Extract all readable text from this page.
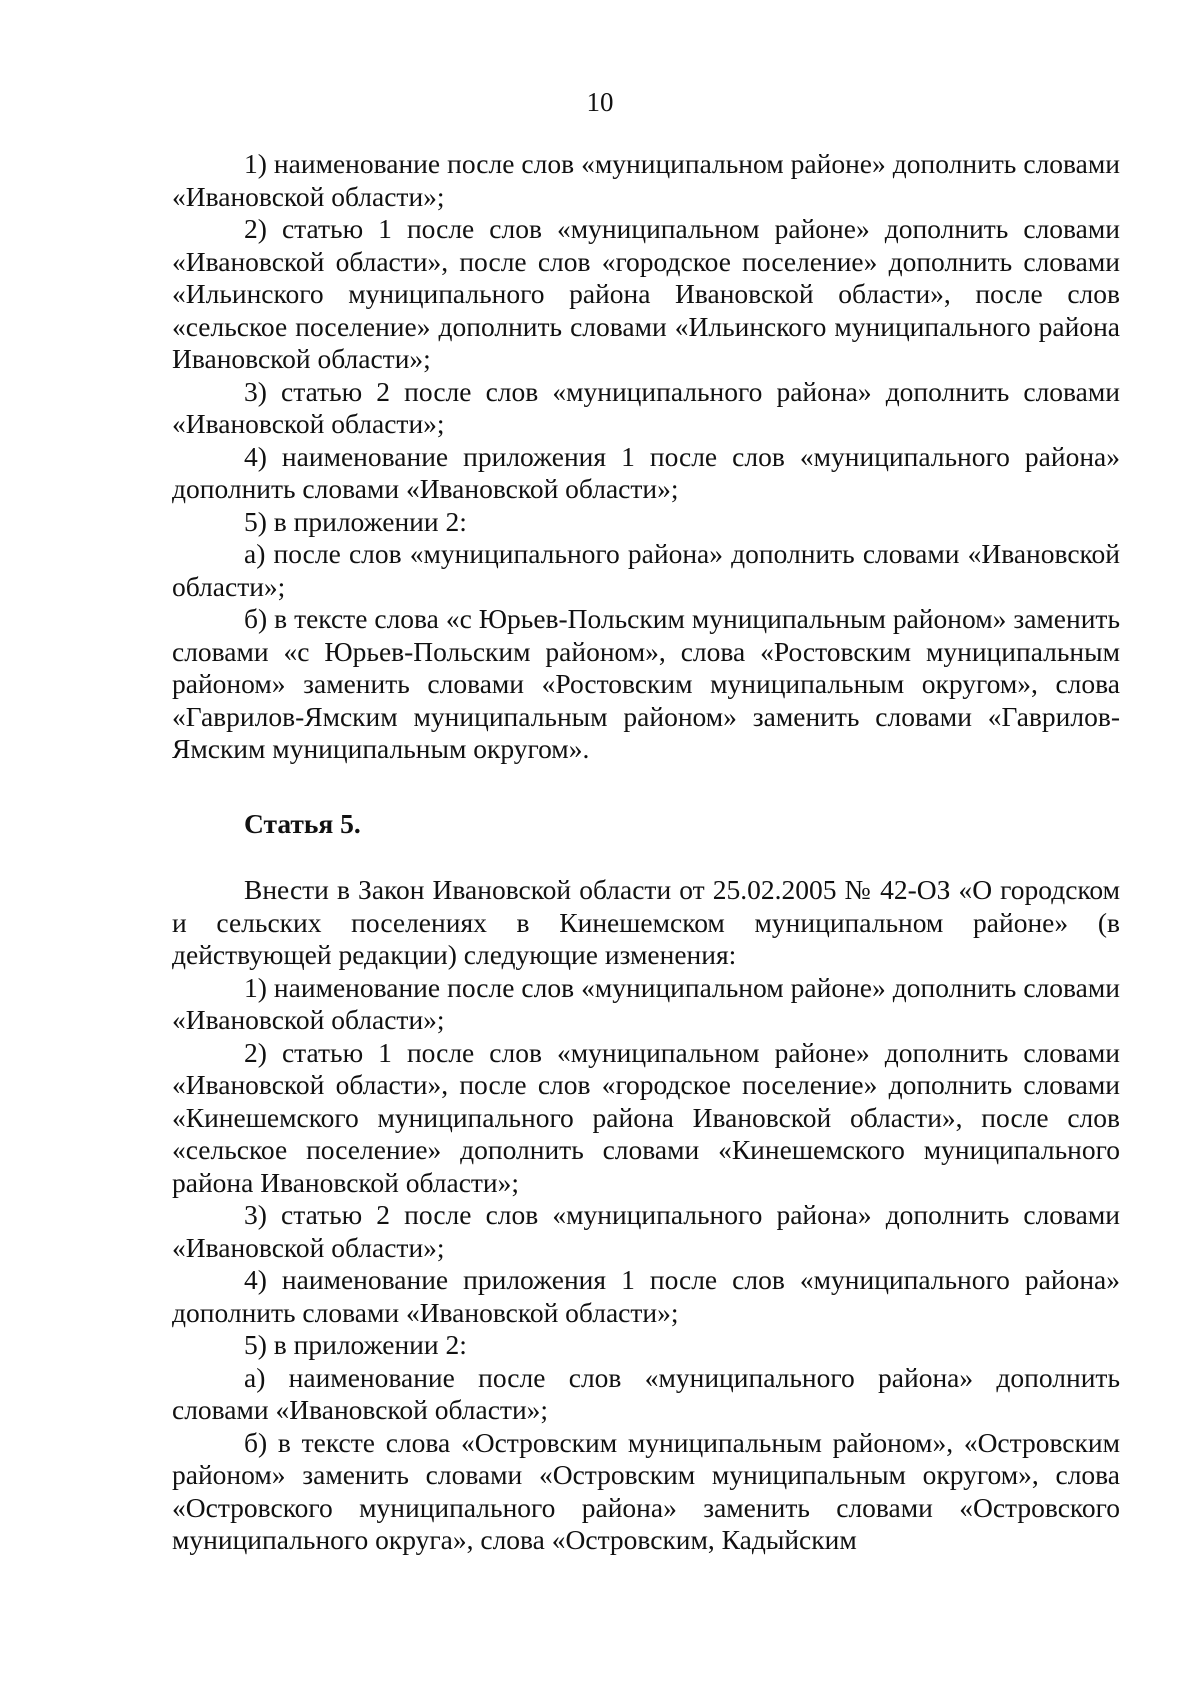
10

1) наименование после слов «муниципальном районе» дополнить словами «Ивановской области»;

2) статью 1 после слов «муниципальном районе» дополнить словами «Ивановской области», после слов «городское поселение» дополнить словами «Ильинского муниципального района Ивановской области», после слов «сельское поселение» дополнить словами «Ильинского муниципального района Ивановской области»;

3) статью 2 после слов «муниципального района» дополнить словами «Ивановской области»;

4) наименование приложения 1 после слов «муниципального района» дополнить словами «Ивановской области»;

5) в приложении 2:

а) после слов «муниципального района» дополнить словами «Ивановской области»;

б) в тексте слова «с Юрьев-Польским муниципальным районом» заменить словами «с Юрьев-Польским районом», слова «Ростовским муниципальным районом» заменить словами «Ростовским муниципальным округом», слова «Гаврилов-Ямским муниципальным районом» заменить словами «Гаврилов-Ямским муниципальным округом».

Статья 5.

Внести в Закон Ивановской области от 25.02.2005 № 42-ОЗ «О городском и сельских поселениях в Кинешемском муниципальном районе» (в действующей редакции) следующие изменения:

1) наименование после слов «муниципальном районе» дополнить словами «Ивановской области»;

2) статью 1 после слов «муниципальном районе» дополнить словами «Ивановской области», после слов «городское поселение» дополнить словами «Кинешемского муниципального района Ивановской области», после слов «сельское поселение» дополнить словами «Кинешемского муниципального района Ивановской области»;

3) статью 2 после слов «муниципального района» дополнить словами «Ивановской области»;

4) наименование приложения 1 после слов «муниципального района» дополнить словами «Ивановской области»;

5) в приложении 2:

а) наименование после слов «муниципального района» дополнить словами «Ивановской области»;

б) в тексте слова «Островским муниципальным районом», «Островским районом» заменить словами «Островским муниципальным округом», слова «Островского муниципального района» заменить словами «Островского муниципального округа», слова «Островским, Кадыйским
